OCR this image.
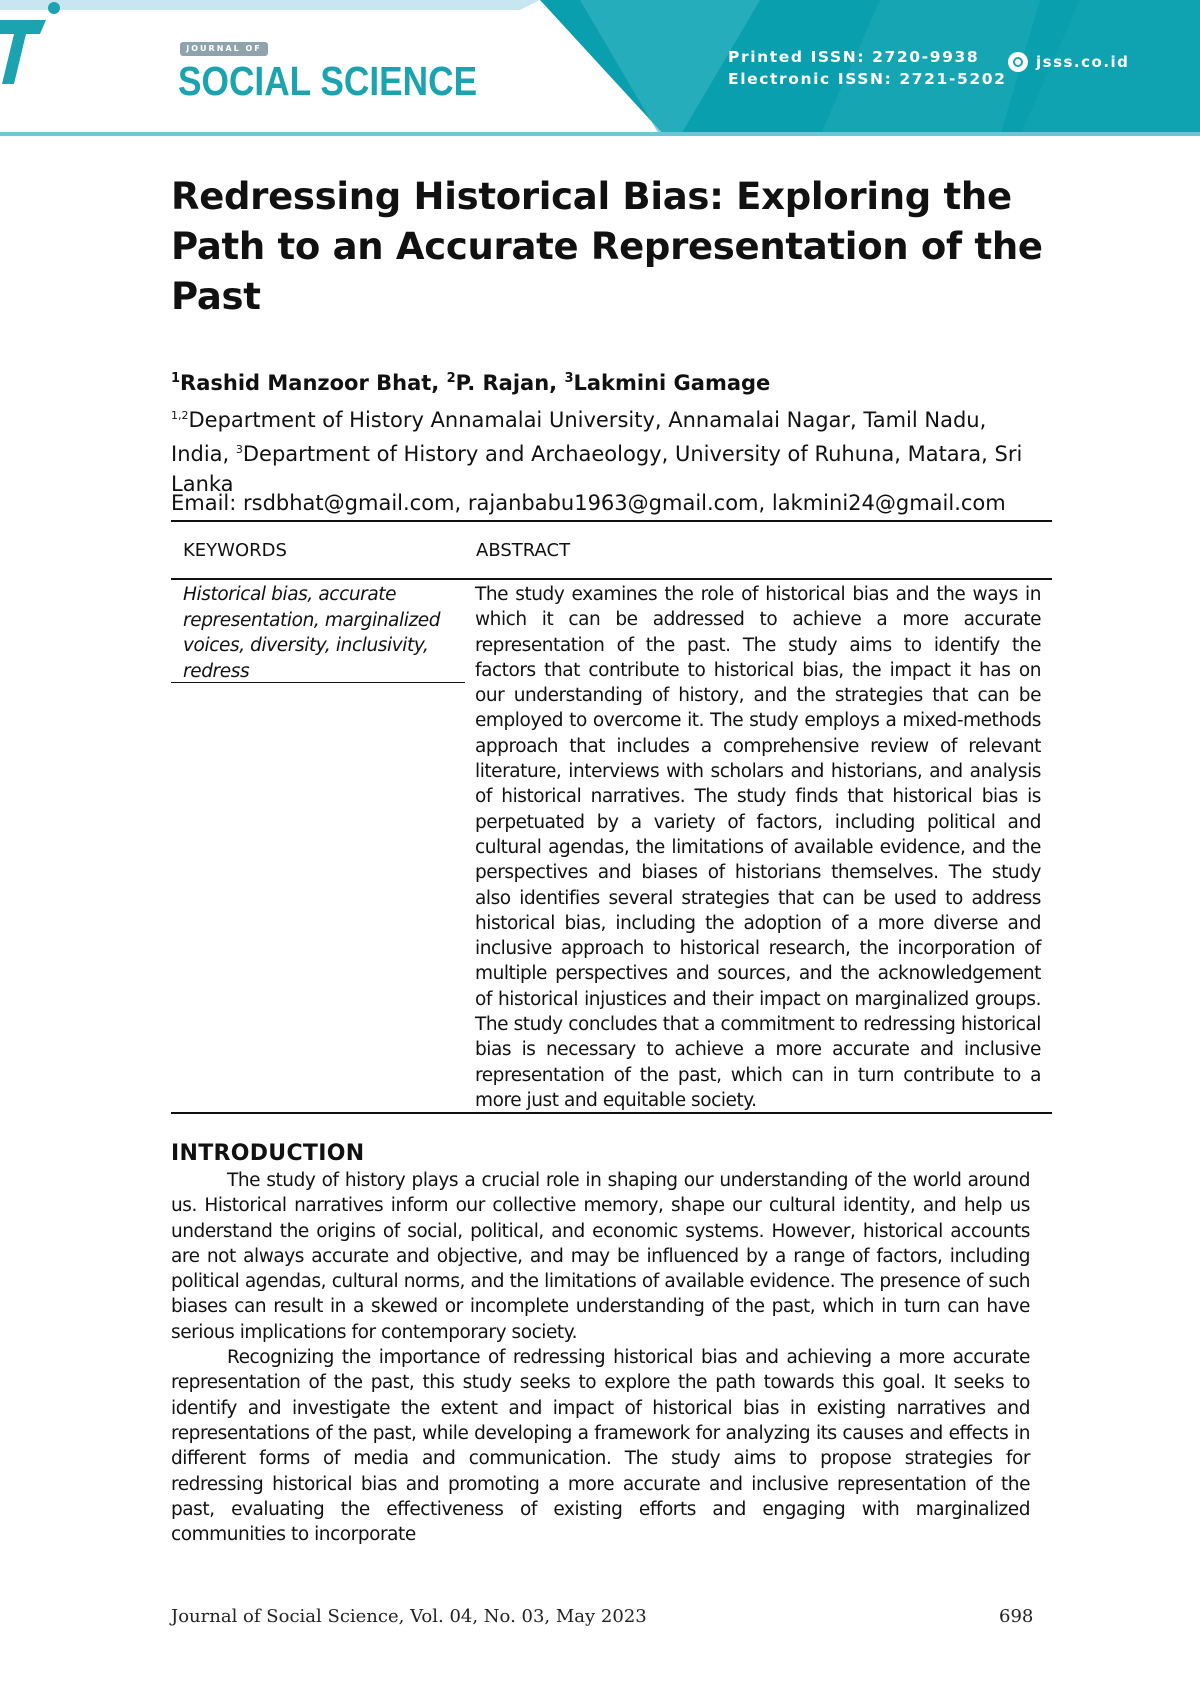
JOURNAL OF
SOCIAL SCIENCE
Printed ISSN: 2720-9938
Electronic ISSN: 2721-5202
jsss.co.id
Redressing Historical Bias: Exploring the Path to an Accurate Representation of the Past

$^1$Rashid Manzoor Bhat, $^2$P. Rajan, $^3$Lakmini Gamage

$^{1,2}$Department of History Annamalai University, Annamalai Nagar, Tamil Nadu, India, $^3$Department of History and Archaeology, University of Ruhuna, Matara, Sri Lanka

Email: rsdbhat@gmail.com, rajanbabu1963@gmail.com, lakmini24@gmail.com

KEYWORDS	ABSTRACT

Historical bias, accurate representation, marginalized voices, diversity, inclusivity, redress

The study examines the role of historical bias and the ways in which it can be addressed to achieve a more accurate representation of the past. The study aims to identify the factors that contribute to historical bias, the impact it has on our understanding of history, and the strategies that can be employed to overcome it. The study employs a mixed-methods approach that includes a comprehensive review of relevant literature, interviews with scholars and historians, and analysis of historical narratives. The study finds that historical bias is perpetuated by a variety of factors, including political and cultural agendas, the limitations of available evidence, and the perspectives and biases of historians themselves. The study also identifies several strategies that can be used to address historical bias, including the adoption of a more diverse and inclusive approach to historical research, the incorporation of multiple perspectives and sources, and the acknowledgement of historical injustices and their impact on marginalized groups. The study concludes that a commitment to redressing historical bias is necessary to achieve a more accurate and inclusive representation of the past, which can in turn contribute to a more just and equitable society.

INTRODUCTION

The study of history plays a crucial role in shaping our understanding of the world around us. Historical narratives inform our collective memory, shape our cultural identity, and help us understand the origins of social, political, and economic systems. However, historical accounts are not always accurate and objective, and may be influenced by a range of factors, including political agendas, cultural norms, and the limitations of available evidence. The presence of such biases can result in a skewed or incomplete understanding of the past, which in turn can have serious implications for contemporary society.

Recognizing the importance of redressing historical bias and achieving a more accurate representation of the past, this study seeks to explore the path towards this goal. It seeks to identify and investigate the extent and impact of historical bias in existing narratives and representations of the past, while developing a framework for analyzing its causes and effects in different forms of media and communication. The study aims to propose strategies for redressing historical bias and promoting a more accurate and inclusive representation of the past, evaluating the effectiveness of existing efforts and engaging with marginalized communities to incorporate

Journal of Social Science, Vol. 04, No. 03, May 2023	698
